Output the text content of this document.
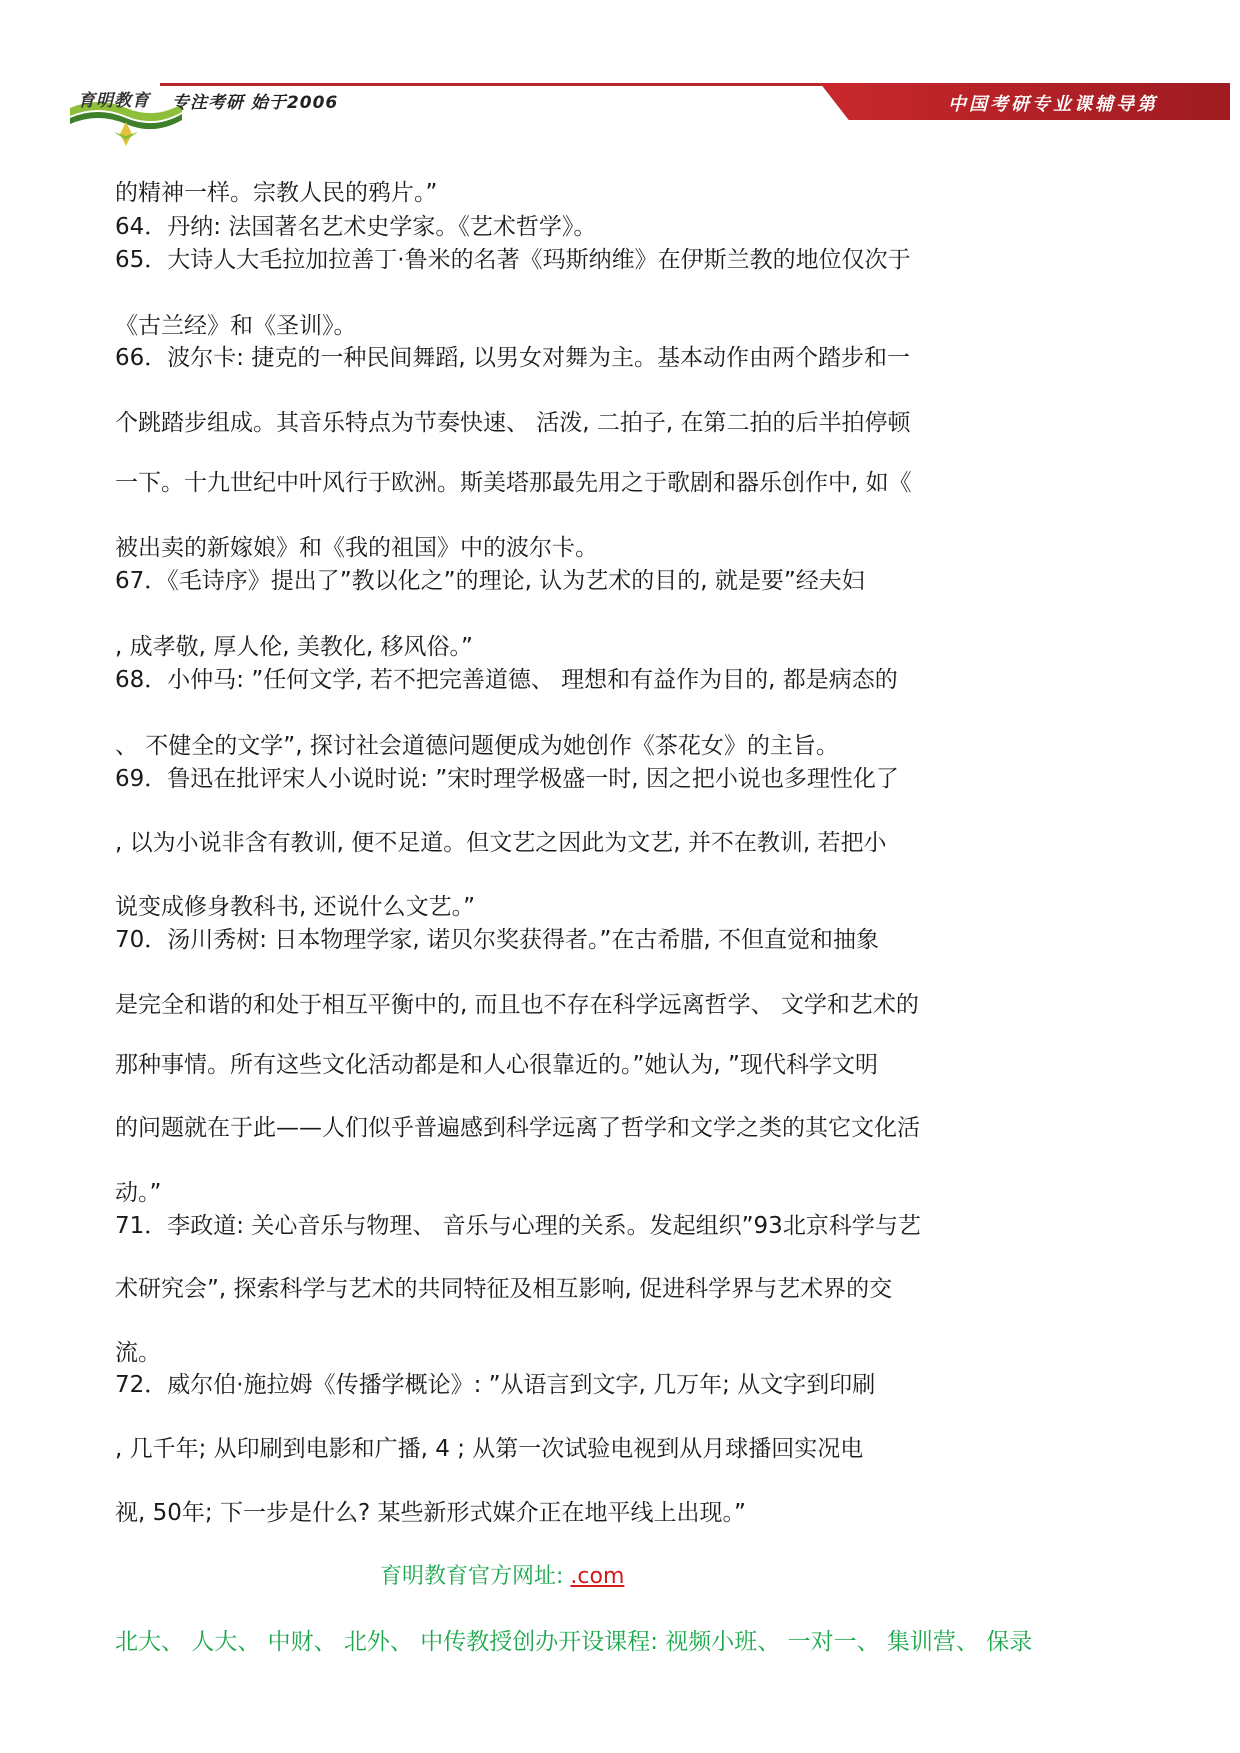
育明教育 专注考研 始于2006	中国考研专业课辅导第一品牌
的精神一样。宗教人民的鸦片。”
64．丹纳: 法国著名艺术史学家。《艺术哲学》。
65．大诗人大毛拉加拉善丁·鲁米的名著《玛斯纳维》在伊斯兰教的地位仅次于
《古兰经》和《圣训》。
66．波尔卡: 捷克的一种民间舞蹈, 以男女对舞为主。基本动作由两个踏步和一
个跳踏步组成。其音乐特点为节奏快速、 活泼, 二拍子, 在第二拍的后半拍停顿
一下。十九世纪中叶风行于欧洲。斯美塔那最先用之于歌剧和器乐创作中, 如《
被出卖的新嫁娘》和《我的祖国》中的波尔卡。
67．《毛诗序》提出了”教以化之”的理论, 认为艺术的目的, 就是要”经夫妇
, 成孝敬, 厚人伦, 美教化, 移风俗。”
68．小仲马: ”任何文学, 若不把完善道德、 理想和有益作为目的, 都是病态的
、 不健全的文学”, 探讨社会道德问题便成为她创作《茶花女》的主旨。
69．鲁迅在批评宋人小说时说: ”宋时理学极盛一时, 因之把小说也多理性化了
, 以为小说非含有教训, 便不足道。但文艺之因此为文艺, 并不在教训, 若把小
说变成修身教科书, 还说什么文艺。”
70．汤川秀树: 日本物理学家, 诺贝尔奖获得者。”在古希腊, 不但直觉和抽象
是完全和谐的和处于相互平衡中的, 而且也不存在科学远离哲学、 文学和艺术的
那种事情。所有这些文化活动都是和人心很靠近的。”她认为, ”现代科学文明
的问题就在于此——人们似乎普遍感到科学远离了哲学和文学之类的其它文化活
动。”
71．李政道: 关心音乐与物理、 音乐与心理的关系。发起组织”93北京科学与艺
术研究会”, 探索科学与艺术的共同特征及相互影响, 促进科学界与艺术界的交
流。
72．威尔伯·施拉姆《传播学概论》: ”从语言到文字, 几万年; 从文字到印刷
, 几千年; 从印刷到电影和广播, 4 ; 从第一次试验电视到从月球播回实况电
视, 50年; 下一步是什么? 某些新形式媒介正在地平线上出现。”
育明教育官方网址: .com
北大、 人大、 中财、 北外、 中传教授创办开设课程: 视频小班、 一对一、 集训营、 保录
